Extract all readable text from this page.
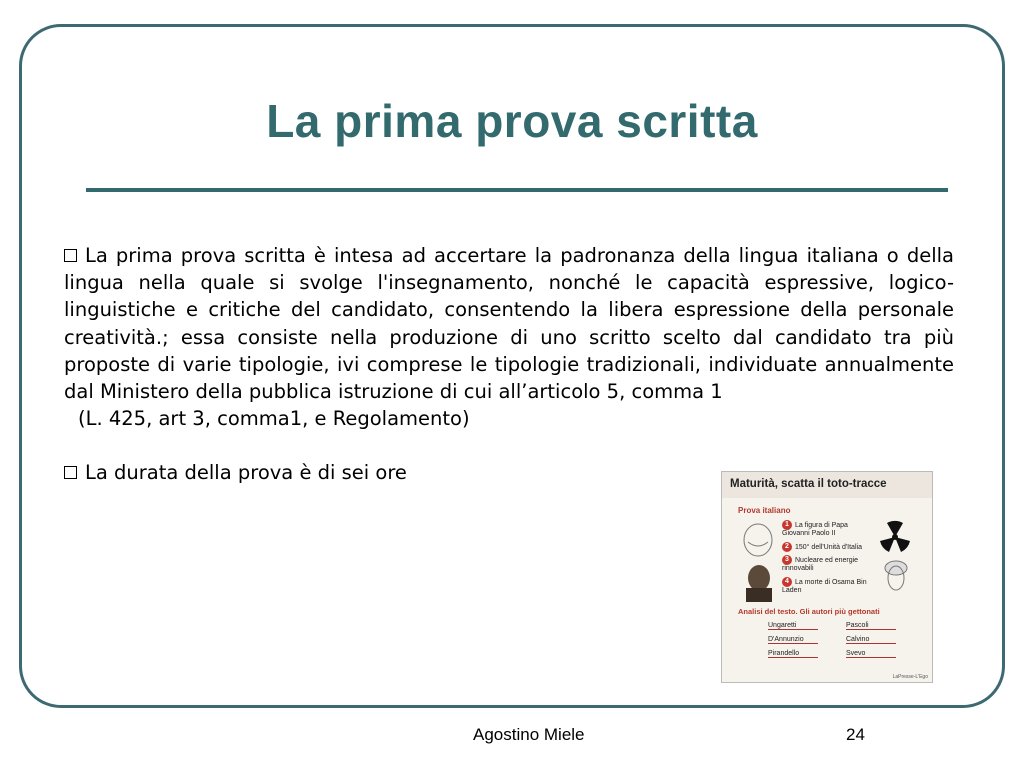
La prima prova scritta

La prima prova scritta è intesa ad accertare la padronanza della lingua italiana o della lingua nella quale si svolge l'insegnamento, nonché le capacità espressive, logico-linguistiche e critiche del candidato, consentendo la libera espressione della personale creatività.; essa consiste nella produzione di uno scritto scelto dal candidato tra più proposte di varie tipologie, ivi comprese le tipologie tradizionali, individuate annualmente dal Ministero della pubblica istruzione di cui all’articolo 5, comma 1

(L. 425, art 3, comma1, e Regolamento)

La durata della prova è di sei ore	Maturità, scatta il toto-tracce
Prova italiano
1 La figura di Papa Giovanni Paolo II
2 150° dell'Unità d'Italia
3 Nucleare ed energie rinnovabili
4 La morte di Osama Bin Laden
Analisi del testo. Gli autori più gettonati
Ungaretti	Pascoli
D'Annunzio	Calvino
Pirandello	Svevo
LaPresse-L'Ego
Agostino Miele	24
